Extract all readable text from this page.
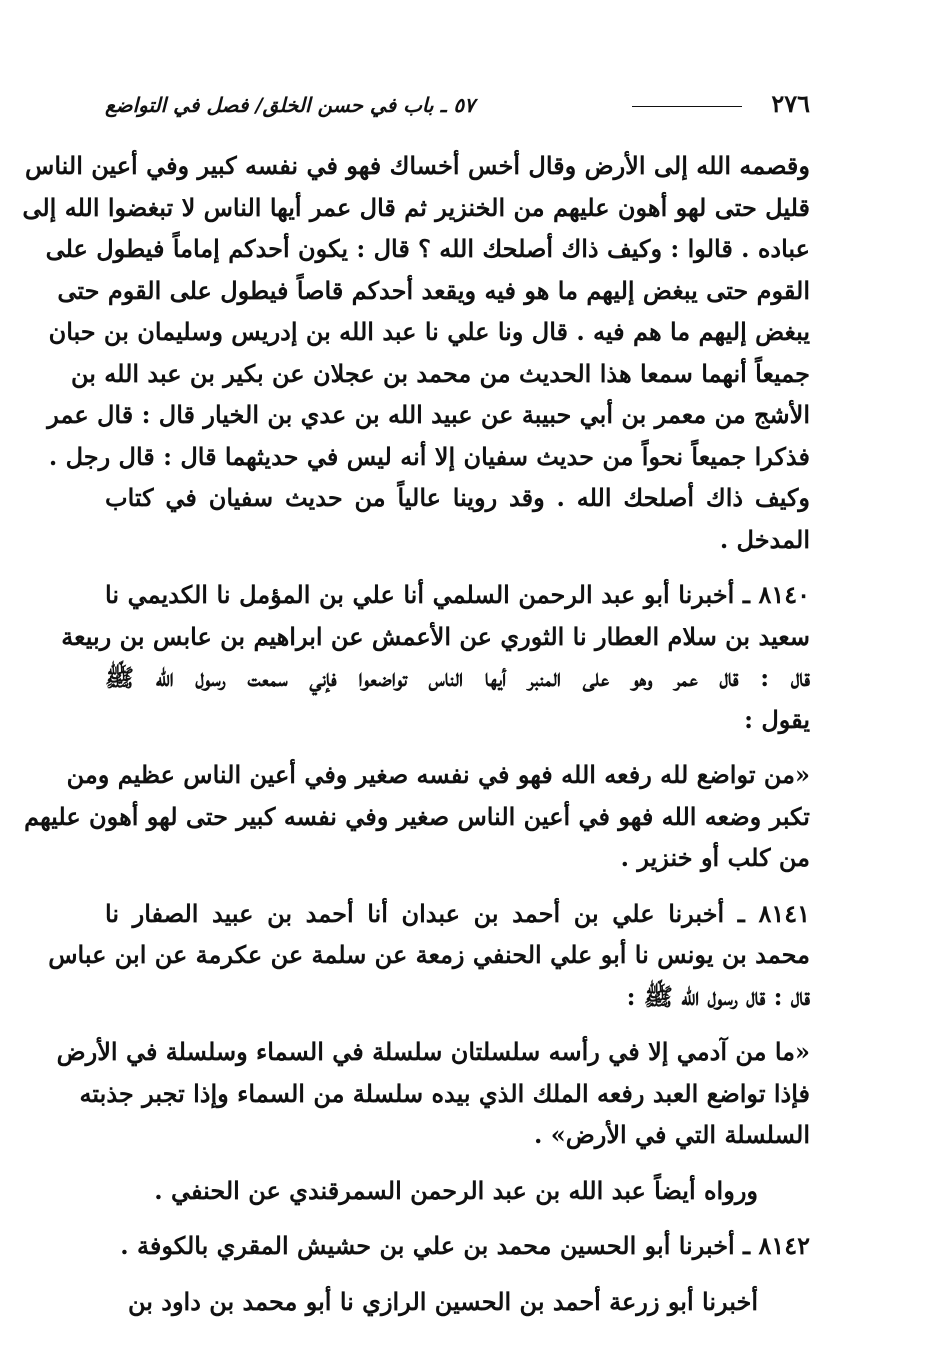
٢٧٦
٥٧ ـ باب في حسن الخلق/ فصل في التواضع
وقصمه الله إلى الأرض وقال أخس أخساك فهو في نفسه كبير وفي أعين الناس
قليل حتى لهو أهون عليهم من الخنزير ثم قال عمر أيها الناس لا تبغضوا الله إلى
عباده . قالوا : وكيف ذاك أصلحك الله ؟ قال : يكون أحدكم إماماً فيطول على
القوم حتى يبغض إليهم ما هو فيه ويقعد أحدكم قاصاً فيطول على القوم حتى
يبغض إليهم ما هم فيه . قال ونا علي نا عبد الله بن إدريس وسليمان بن حبان
جميعاً أنهما سمعا هذا الحديث من محمد بن عجلان عن بكير بن عبد الله بن
الأشج من معمر بن أبي حبيبة عن عبيد الله بن عدي بن الخيار قال : قال عمر
فذكرا جميعاً نحواً من حديث سفيان إلا أنه ليس في حديثهما قال : قال رجل .
وكيف ذاك أصلحك الله . وقد روينا عالياً من حديث سفيان في كتاب
المدخل .
٨١٤٠ ـ أخبرنا أبو عبد الرحمن السلمي أنا علي بن المؤمل نا الكديمي نا
سعيد بن سلام العطار نا الثوري عن الأعمش عن ابراهيم بن عابس بن ربيعة
قال : قال عمر وهو على المنبر أيها الناس تواضعوا فإني سمعت رسول الله ﷺ
يقول :
«من تواضع لله رفعه الله فهو في نفسه صغير وفي أعين الناس عظيم ومن
تكبر وضعه الله فهو في أعين الناس صغير وفي نفسه كبير حتى لهو أهون عليهم
من كلب أو خنزير .
٨١٤١ ـ أخبرنا علي بن أحمد بن عبدان أنا أحمد بن عبيد الصفار نا
محمد بن يونس نا أبو علي الحنفي زمعة عن سلمة عن عكرمة عن ابن عباس
قال : قال رسول الله ﷺ :
«ما من آدمي إلا في رأسه سلسلتان سلسلة في السماء وسلسلة في الأرض
فإذا تواضع العبد رفعه الملك الذي بيده سلسلة من السماء وإذا تجبر جذبته
السلسلة التي في الأرض» .
ورواه أيضاً عبد الله بن عبد الرحمن السمرقندي عن الحنفي .
٨١٤٢ ـ أخبرنا أبو الحسين محمد بن علي بن حشيش المقري بالكوفة .
أخبرنا أبو زرعة أحمد بن الحسين الرازي نا أبو محمد بن داود بن
